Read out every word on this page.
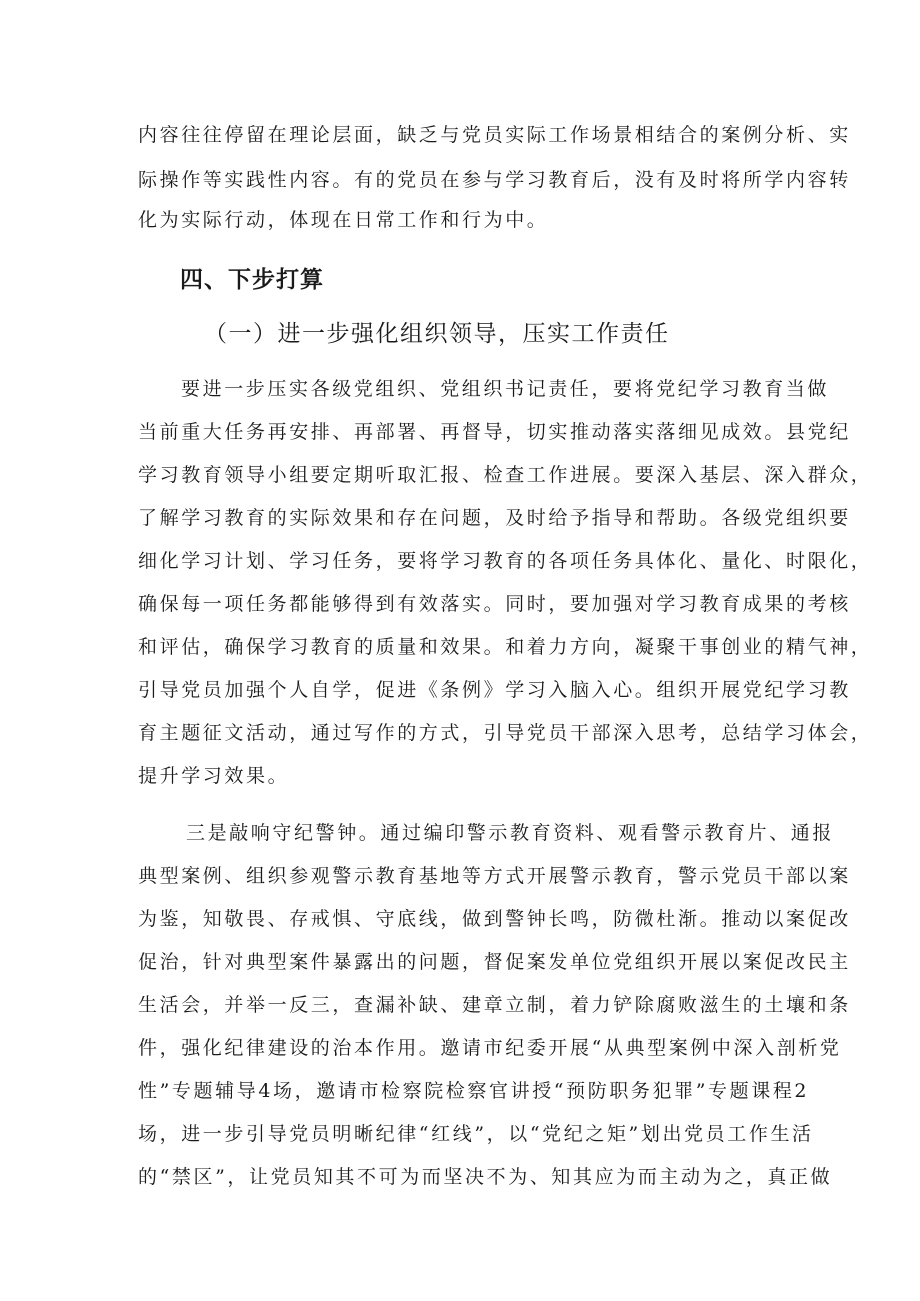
内容往往停留在理论层面，缺乏与党员实际工作场景相结合的案例分析、实
际操作等实践性内容。有的党员在参与学习教育后，没有及时将所学内容转
化为实际行动，体现在日常工作和行为中。
四、下步打算
（一）进一步强化组织领导，压实工作责任
要进一步压实各级党组织、党组织书记责任，要将党纪学习教育当做
当前重大任务再安排、再部署、再督导，切实推动落实落细见成效。县党纪
学习教育领导小组要定期听取汇报、检查工作进展。要深入基层、深入群众，
了解学习教育的实际效果和存在问题，及时给予指导和帮助。各级党组织要
细化学习计划、学习任务，要将学习教育的各项任务具体化、量化、时限化，
确保每一项任务都能够得到有效落实。同时，要加强对学习教育成果的考核
和评估，确保学习教育的质量和效果。和着力方向，凝聚干事创业的精气神，
引导党员加强个人自学，促进《条例》学习入脑入心。组织开展党纪学习教
育主题征文活动，通过写作的方式，引导党员干部深入思考，总结学习体会，
提升学习效果。
三是敲响守纪警钟。通过编印警示教育资料、观看警示教育片、通报
典型案例、组织参观警示教育基地等方式开展警示教育，警示党员干部以案
为鉴，知敬畏、存戒惧、守底线，做到警钟长鸣，防微杜渐。推动以案促改
促治，针对典型案件暴露出的问题，督促案发单位党组织开展以案促改民主
生活会，并举一反三，查漏补缺、建章立制，着力铲除腐败滋生的土壤和条
件，强化纪律建设的治本作用。邀请市纪委开展“从典型案例中深入剖析党
性”专题辅导4场，邀请市检察院检察官讲授“预防职务犯罪”专题课程2
场，进一步引导党员明晰纪律“红线”，以“党纪之矩”划出党员工作生活
的“禁区”，让党员知其不可为而坚决不为、知其应为而主动为之，真正做
